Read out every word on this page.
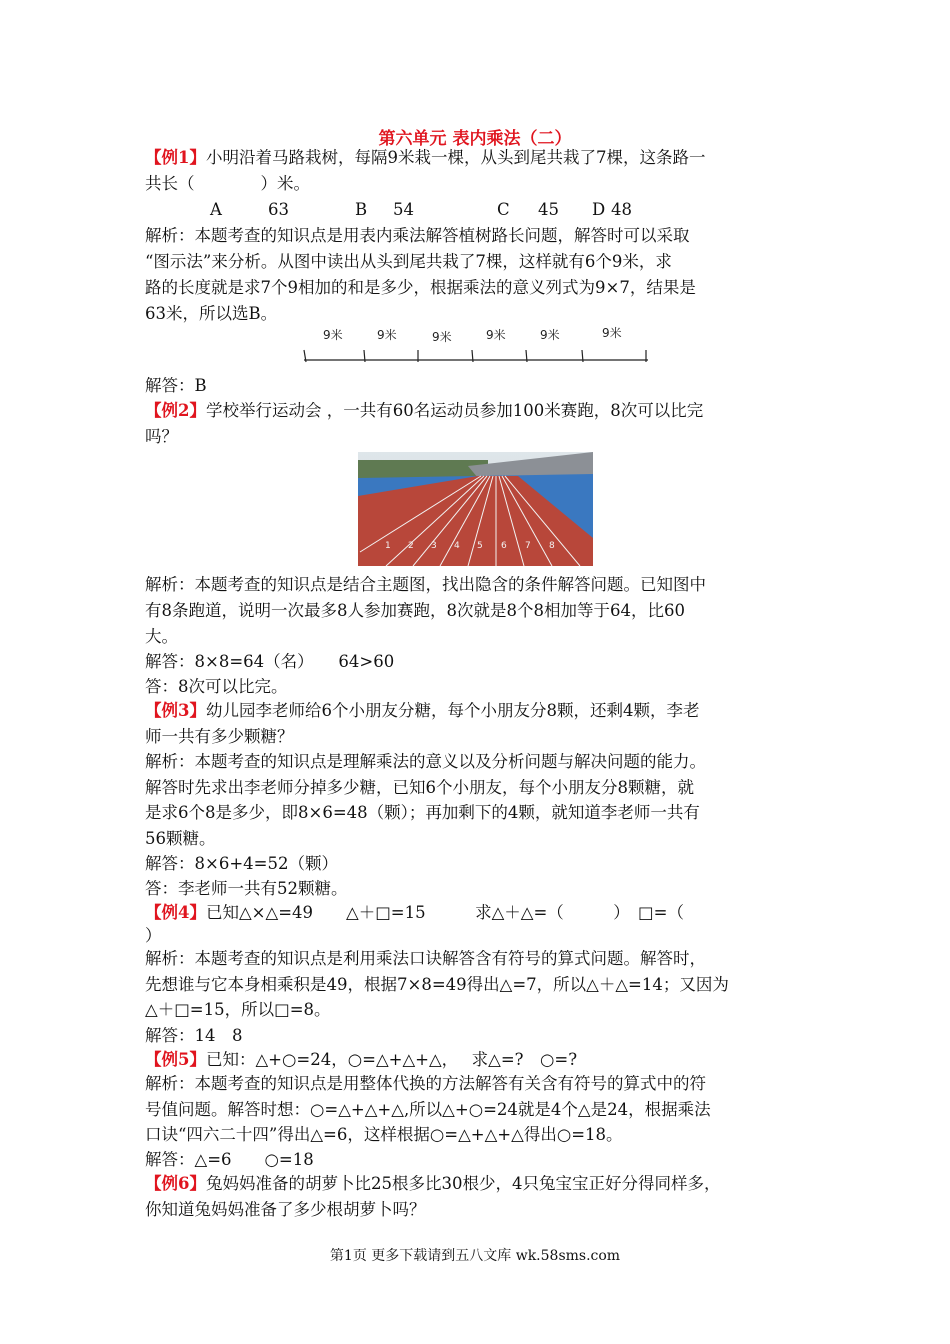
第六单元 表内乘法（二）
【例1】小明沿着马路栽树，每隔9米栽一棵，从头到尾共栽了7棵，这条路一
共长（　　　　）米。
A	63	B 54	C 45 D 48
解析：本题考查的知识点是用表内乘法解答植树路长问题，解答时可以采取
“图示法”来分析。从图中读出从头到尾共栽了7棵，这样就有6个9米，求
路的长度就是求7个9相加的和是多少，根据乘法的意义列式为9×7，结果是
63米，所以选B。
9米	9米	9米	9米	9米	9米
解答：B
【例2】学校举行运动会 ，一共有60名运动员参加100米赛跑，8次可以比完
吗？
1 2 3 4 5 6 7 8
解析：本题考查的知识点是结合主题图，找出隐含的条件解答问题。已知图中
有8条跑道，说明一次最多8人参加赛跑，8次就是8个8相加等于64，比60
大。
解答：8×8=64（名）　　64>60
答：8次可以比完。
【例3】幼儿园李老师给6个小朋友分糖，每个小朋友分8颗，还剩4颗，李老
师一共有多少颗糖？
解析：本题考查的知识点是理解乘法的意义以及分析问题与解决问题的能力。
解答时先求出李老师分掉多少糖，已知6个小朋友，每个小朋友分8颗糖，就
是求6个8是多少，即8×6=48（颗）；再加剩下的4颗，就知道李老师一共有
56颗糖。
解答：8×6+4=52（颗）
答：李老师一共有52颗糖。
【例4】已知△×△=49　　△＋□=15　　　求△＋△=（　　　）　□=（
）
解析：本题考查的知识点是利用乘法口诀解答含有符号的算式问题。解答时，
先想谁与它本身相乘积是49，根据7×8=49得出△=7，所以△＋△=14；又因为
△＋□=15，所以□=8。
解答：14　8
【例5】已知：△+○=24，○=△+△+△，　 求△=?　○=?
解析：本题考查的知识点是用整体代换的方法解答有关含有符号的算式中的符
号值问题。解答时想：○=△+△+△,所以△+○=24就是4个△是24，根据乘法
口诀“四六二十四”得出△=6，这样根据○=△+△+△得出○=18。
解答：△=6　　○=18
【例6】兔妈妈准备的胡萝卜比25根多比30根少，4只兔宝宝正好分得同样多，
你知道兔妈妈准备了多少根胡萝卜吗？
第1页 更多下载请到五八文库 wk.58sms.com
